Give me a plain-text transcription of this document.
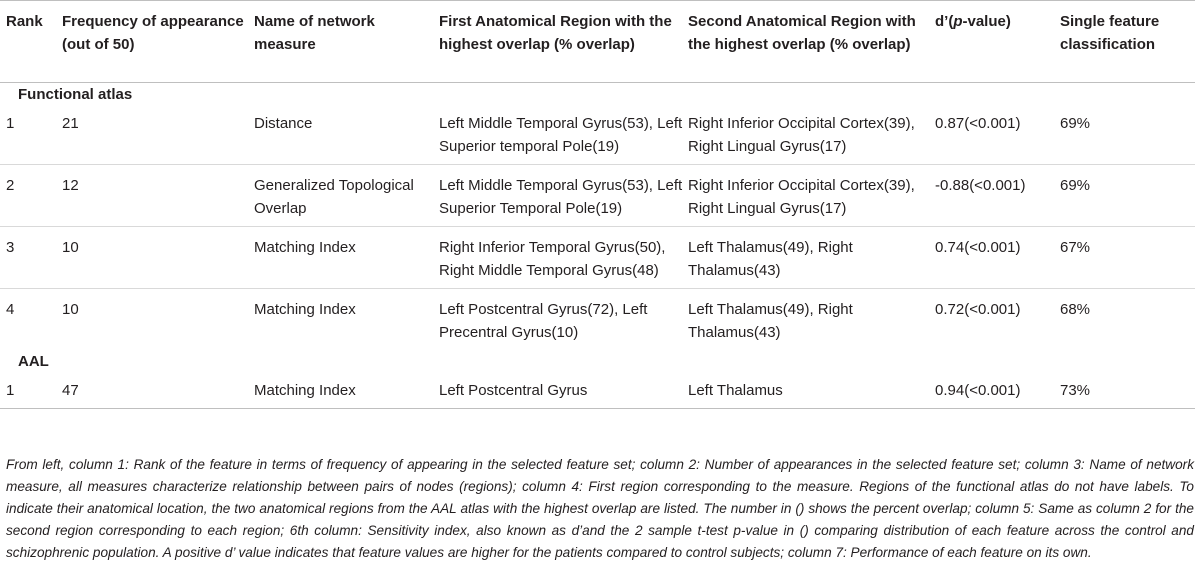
Rank	Frequency of appearance (out of 50)	Name of network measure	First Anatomical Region with the highest overlap (% overlap)	Second Anatomical Region with the highest overlap (% overlap)	d’(p-value)	Single feature classification
Functional atlas						
1	21	Distance	Left Middle Temporal Gyrus(53), Left Superior temporal Pole(19)	Right Inferior Occipital Cortex(39), Right Lingual Gyrus(17)	0.87(<0.001)	69%
2	12	Generalized Topological Overlap	Left Middle Temporal Gyrus(53), Left Superior Temporal Pole(19)	Right Inferior Occipital Cortex(39), Right Lingual Gyrus(17)	-0.88(<0.001)	69%
3	10	Matching Index	Right Inferior Temporal Gyrus(50), Right Middle Temporal Gyrus(48)	Left Thalamus(49), Right Thalamus(43)	0.74(<0.001)	67%
4	10	Matching Index	Left Postcentral Gyrus(72), Left Precentral Gyrus(10)	Left Thalamus(49), Right Thalamus(43)	0.72(<0.001)	68%
AAL						
1	47	Matching Index	Left Postcentral Gyrus	Left Thalamus	0.94(<0.001)	73%

From left, column 1: Rank of the feature in terms of frequency of appearing in the selected feature set; column 2: Number of appearances in the selected feature set; column 3: Name of network measure, all measures characterize relationship between pairs of nodes (regions); column 4: First region corresponding to the measure. Regions of the functional atlas do not have labels. To indicate their anatomical location, the two anatomical regions from the AAL atlas with the highest overlap are listed. The number in () shows the percent overlap; column 5: Same as column 2 for the second region corresponding to each region; 6th column: Sensitivity index, also known as d’and the 2 sample t-test p-value in () comparing distribution of each feature across the control and schizophrenic population. A positive d’ value indicates that feature values are higher for the patients compared to control subjects; column 7: Performance of each feature on its own.
